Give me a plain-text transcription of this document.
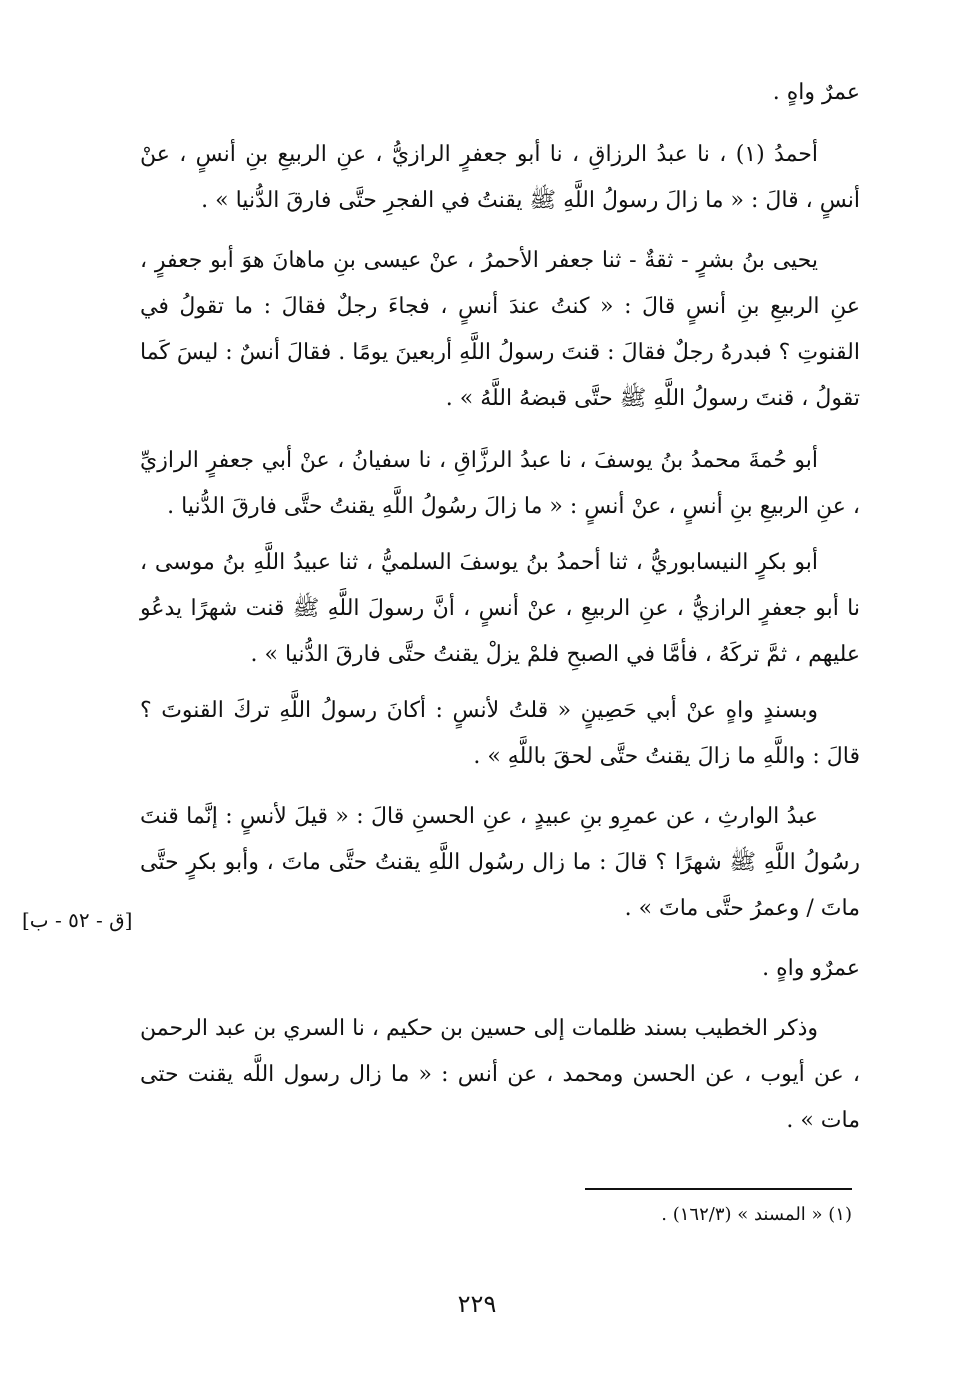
عمرٌ واهٍ .

أحمدُ (١) ، نا عبدُ الرزاقِ ، نا أبو جعفرٍ الرازيُّ ، عنِ الربيعِ بنِ أنسٍ ، عنْ أنسٍ ، قالَ : « ما زالَ رسولُ اللَّهِ ﷺ يقنتُ في الفجرِ حتَّى فارقَ الدُّنيا » .

يحيى بنُ بشرٍ - ثقةٌ - ثنا جعفر الأحمرُ ، عنْ عيسى بنِ ماهانَ هوَ أبو جعفرٍ ، عنِ الربيعِ بنِ أنسٍ قالَ : « كنتُ عندَ أنسٍ ، فجاءَ رجلٌ فقالَ : ما تقولُ في القنوتِ ؟ فبدرهُ رجلٌ فقالَ : قنتَ رسولُ اللَّهِ أربعينَ يومًا . فقالَ أنسٌ : ليسَ كَما تقولُ ، قنتَ رسولُ اللَّهِ ﷺ حتَّى قبضهُ اللَّهُ » .

أبو حُمةَ محمدُ بنُ يوسفَ ، نا عبدُ الرزَّاقِ ، نا سفيانُ ، عنْ أبي جعفرٍ الرازيِّ ، عنِ الربيعِ بنِ أنسٍ ، عنْ أنسٍ : « ما زالَ رسُولُ اللَّهِ يقنتُ حتَّى فارقَ الدُّنيا .

أبو بكرٍ النيسابوريُّ ، ثنا أحمدُ بنُ يوسفَ السلميُّ ، ثنا عبيدُ اللَّهِ بنُ موسى ، نا أبو جعفرٍ الرازيُّ ، عنِ الربيعِ ، عنْ أنسٍ ، أنَّ رسولَ اللَّهِ ﷺ قنت شهرًا يدعُو عليهم ، ثمَّ تركَهُ ، فأمَّا في الصبحِ فلمْ يزلْ يقنتُ حتَّى فارقَ الدُّنيا » .

وبسندٍ واهٍ عنْ أبي حَصِينٍ « قلتُ لأنسٍ : أكانَ رسولُ اللَّهِ تركَ القنوتَ ؟ قالَ : واللَّهِ ما زالَ يقنتُ حتَّى لحقَ باللَّهِ » .

عبدُ الوارثِ ، عن عمرِو بنِ عبيدٍ ، عنِ الحسنِ قالَ : « قيلَ لأنسٍ : إنَّما قنتَ رسُولُ اللَّهِ ﷺ شهرًا ؟ قالَ : ما زال رسُول اللَّهِ يقنتُ حتَّى ماتَ ، وأبو بكرٍ حتَّى ماتَ / وعمرُ حتَّى ماتَ » .

عمرٌو واهٍ .

وذكر الخطيب بسند ظلمات إلى حسين بن حكيم ، نا السري بن عبد الرحمن ، عن أيوب ، عن الحسن ومحمد ، عن أنس : « ما زال رسول اللَّه يقنت حتى مات » .

[ق - ٥٢ - ب]
(١) « المسند » (١٦٢/٣) .
٢٢٩
